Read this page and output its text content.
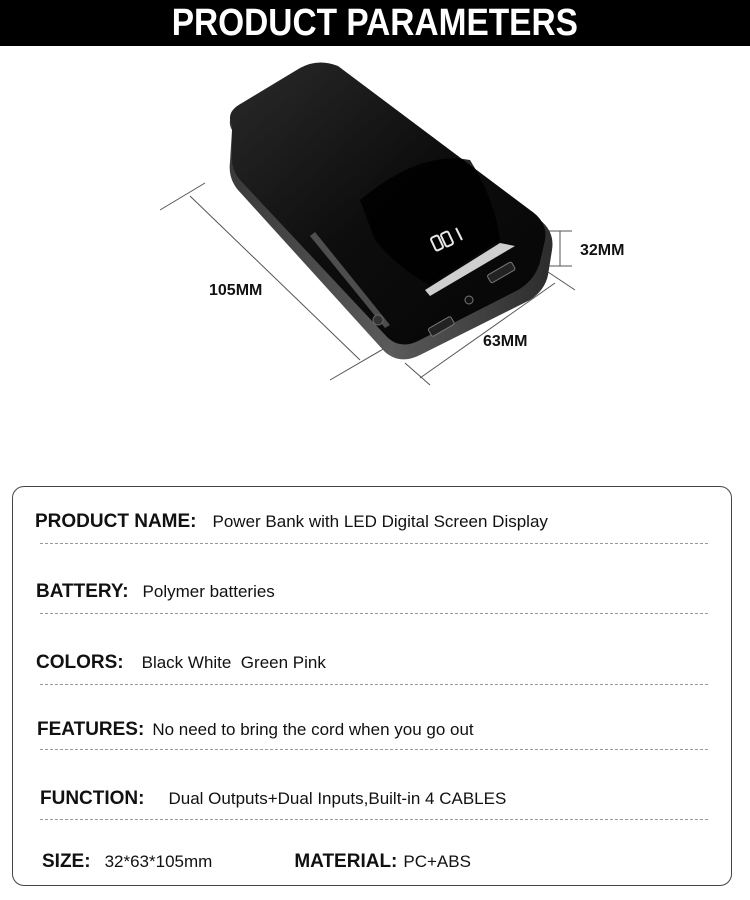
PRODUCT PARAMETERS
105MM
63MM
32MM
PRODUCT NAME: Power Bank with LED Digital Screen Display
BATTERY: Polymer batteries
COLORS: Black White  Green Pink
FEATURES: No need to bring the cord when you go out
FUNCTION: Dual Outputs+Dual Inputs,Built-in 4 CABLES
SIZE: 32*63*105mm	MATERIAL: PC+ABS
